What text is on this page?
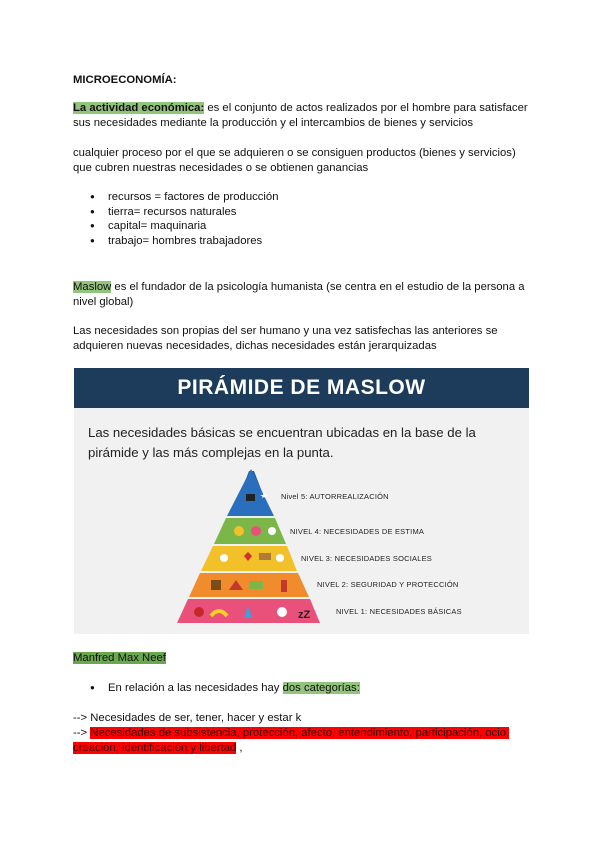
MICROECONOMÍA:
La actividad económica: es el conjunto de actos realizados por el hombre para satisfacer sus necesidades mediante la producción y el intercambios de bienes y servicios
cualquier proceso por el que se adquieren o se consiguen productos (bienes y servicios) que cubren nuestras necesidades o se obtienen ganancias
● recursos = factores de producción
● tierra= recursos naturales
● capital= maquinaria
● trabajo= hombres trabajadores
Maslow es el fundador de la psicología humanista (se centra en el estudio de la persona a nivel global)
Las necesidades son propias del ser humano y una vez satisfechas las anteriores se adquieren nuevas necesidades, dichas necesidades están jerarquizadas
PIRÁMIDE DE MASLOW
Las necesidades básicas se encuentran ubicadas en la base de la pirámide y las más complejas en la punta.
zZ
Nivel 5: AUTORREALIZACIÓN
NIVEL 4: NECESIDADES DE ESTIMA
NIVEL 3: NECESIDADES SOCIALES
NIVEL 2: SEGURIDAD Y PROTECCIÓN
NIVEL 1: NECESIDADES BÁSICAS
Manfred Max Neef
● En relación a las necesidades hay dos categorías:
--> Necesidades de ser, tener, hacer y estar k
--> Necesidades de subsistencia, protección, afecto, entendimiento, participación, ocio, creación, identificación y libertad ,
